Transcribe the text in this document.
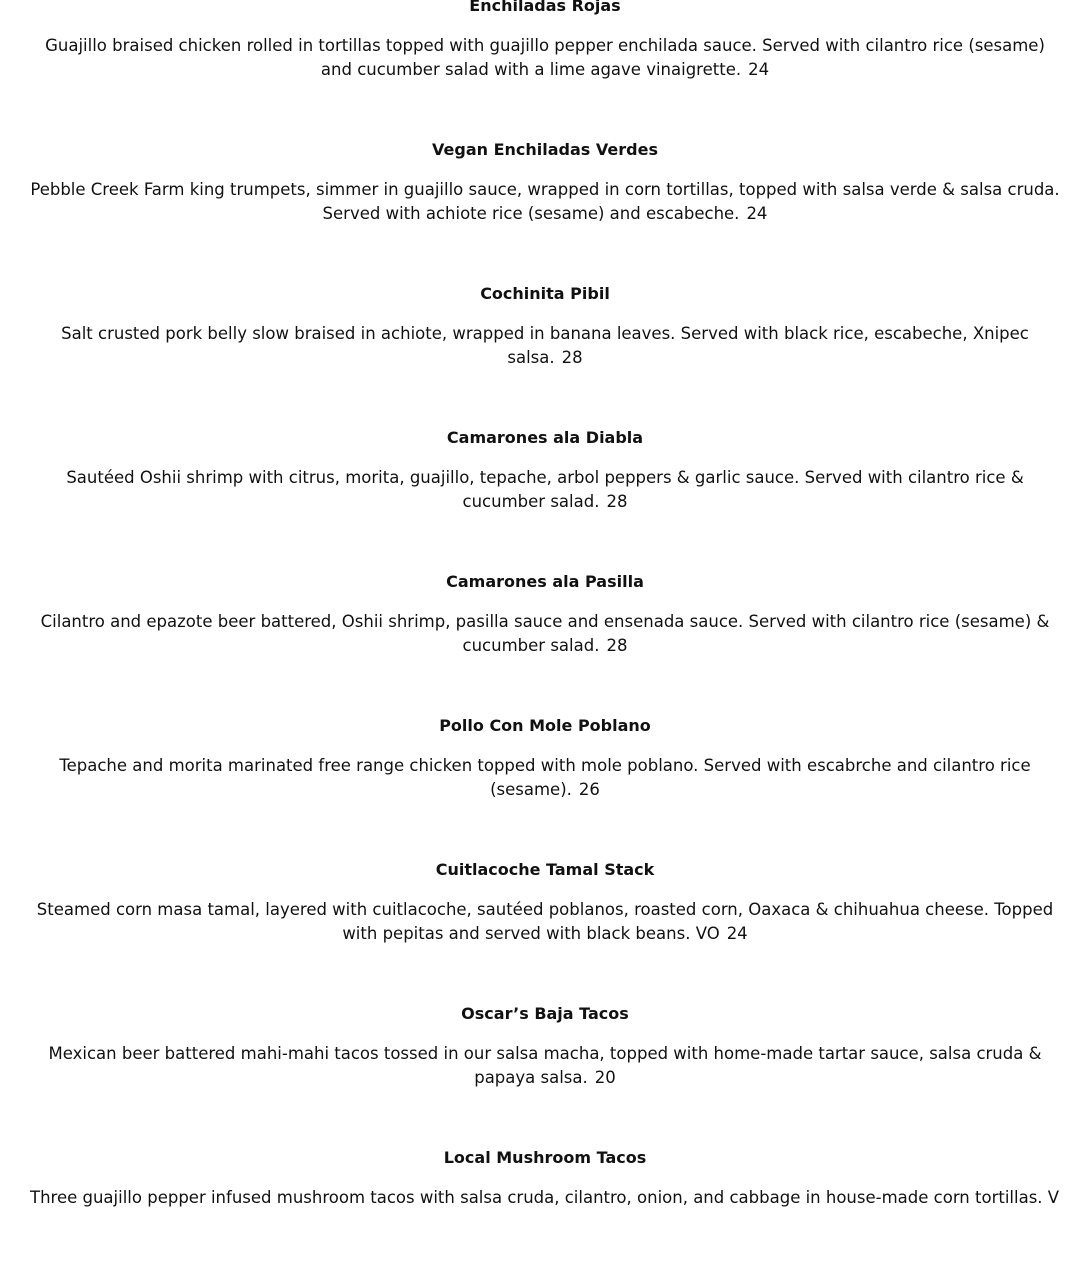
Enchiladas Rojas

Guajillo braised chicken rolled in tortillas topped with guajillo pepper enchilada sauce. Served with cilantro rice (sesame) and cucumber salad with a lime agave vinaigrette. 24

Vegan Enchiladas Verdes

Pebble Creek Farm king trumpets, simmer in guajillo sauce, wrapped in corn tortillas, topped with salsa verde & salsa cruda. Served with achiote rice (sesame) and escabeche. 24

Cochinita Pibil

Salt crusted pork belly slow braised in achiote, wrapped in banana leaves. Served with black rice, escabeche, Xnipec salsa. 28

Camarones ala Diabla

Sautéed Oshii shrimp with citrus, morita, guajillo, tepache, arbol peppers & garlic sauce. Served with cilantro rice & cucumber salad. 28

Camarones ala Pasilla

Cilantro and epazote beer battered, Oshii shrimp, pasilla sauce and ensenada sauce. Served with cilantro rice (sesame) & cucumber salad. 28

Pollo Con Mole Poblano

Tepache and morita marinated free range chicken topped with mole poblano. Served with escabrche and cilantro rice (sesame). 26

Cuitlacoche Tamal Stack

Steamed corn masa tamal, layered with cuitlacoche, sautéed poblanos, roasted corn, Oaxaca & chihuahua cheese. Topped with pepitas and served with black beans. VO 24

Oscar’s Baja Tacos

Mexican beer battered mahi-mahi tacos tossed in our salsa macha, topped with home-made tartar sauce, salsa cruda & papaya salsa. 20

Local Mushroom Tacos

Three guajillo pepper infused mushroom tacos with salsa cruda, cilantro, onion, and cabbage in house-made corn tortillas. V
